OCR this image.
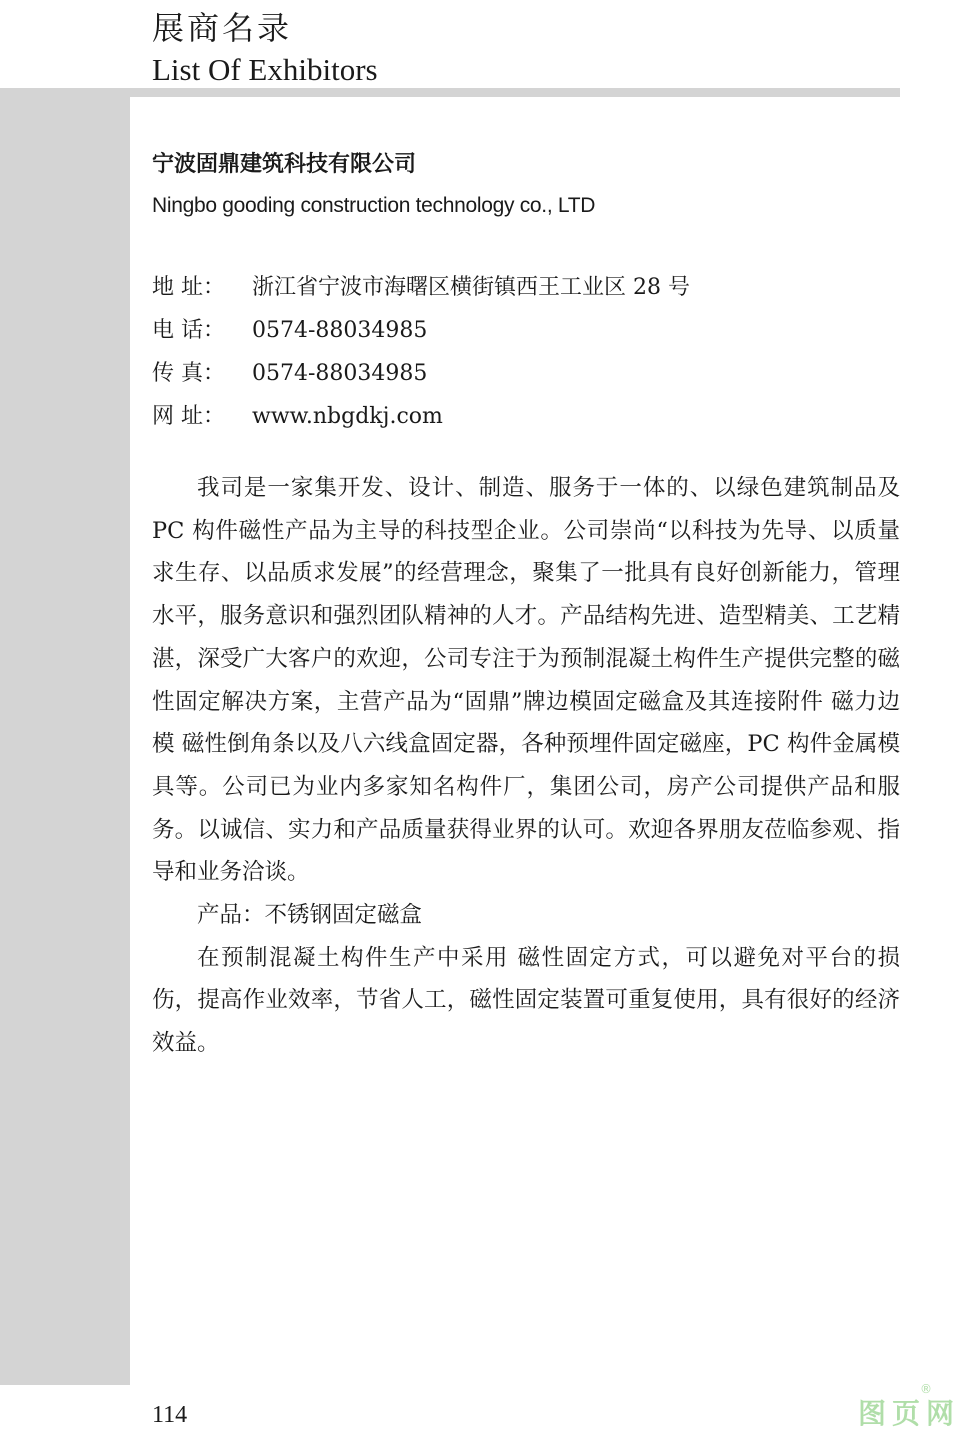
展商名录
List Of Exhibitors
宁波固鼎建筑科技有限公司
Ningbo gooding construction technology co., LTD
地 址： 浙江省宁波市海曙区横街镇西王工业区 28 号
电 话： 0574-88034985
传 真： 0574-88034985
网 址： www.nbgdkj.com

我司是一家集开发、设计、制造、服务于一体的、以绿色建筑制品及 PC 构件磁性产品为主导的科技型企业。公司崇尚“以科技为先导、以质量求生存、以品质求发展”的经营理念，聚集了一批具有良好创新能力，管理水平，服务意识和强烈团队精神的人才。产品结构先进、造型精美、工艺精湛，深受广大客户的欢迎，公司专注于为预制混凝土构件生产提供完整的磁性固定解决方案，主营产品为“固鼎”牌边模固定磁盒及其连接附件 磁力边模 磁性倒角条以及八六线盒固定器，各种预埋件固定磁座，PC 构件金属模具等。公司已为业内多家知名构件厂，集团公司，房产公司提供产品和服务。以诚信、实力和产品质量获得业界的认可。欢迎各界朋友莅临参观、指导和业务洽谈。

产品：不锈钢固定磁盒

在预制混凝土构件生产中采用 磁性固定方式，可以避免对平台的损伤，提高作业效率，节省人工，磁性固定装置可重复使用，具有很好的经济效益。

114	图页网
®
